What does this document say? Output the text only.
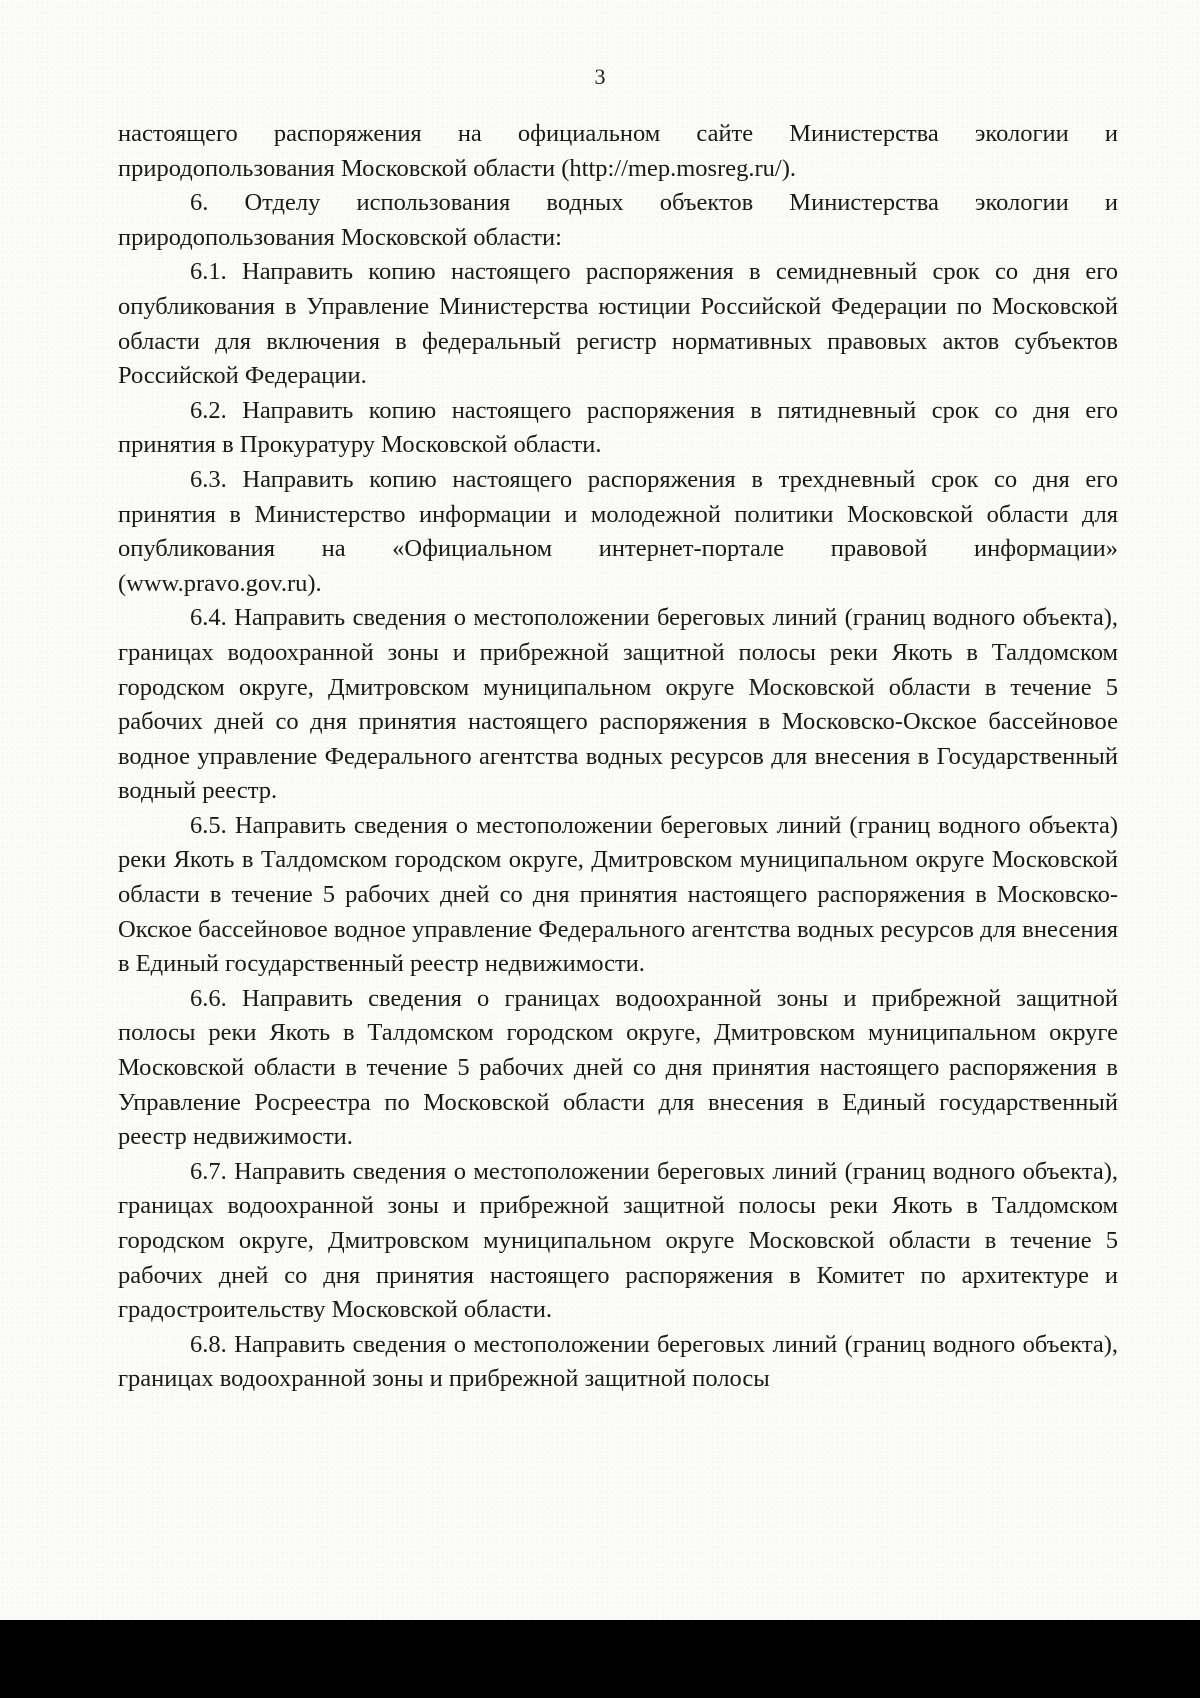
3

настоящего распоряжения на официальном сайте Министерства экологии и природопользования Московской области (http://mep.mosreg.ru/).

6. Отделу использования водных объектов Министерства экологии и природопользования Московской области:

6.1. Направить копию настоящего распоряжения в семидневный срок со дня его опубликования в Управление Министерства юстиции Российской Федерации по Московской области для включения в федеральный регистр нормативных правовых актов субъектов Российской Федерации.

6.2. Направить копию настоящего распоряжения в пятидневный срок со дня его принятия в Прокуратуру Московской области.

6.3. Направить копию настоящего распоряжения в трехдневный срок со дня его принятия в Министерство информации и молодежной политики Московской области для опубликования на «Официальном интернет-портале правовой информации» (www.pravo.gov.ru).

6.4. Направить сведения о местоположении береговых линий (границ водного объекта), границах водоохранной зоны и прибрежной защитной полосы реки Якоть в Талдомском городском округе, Дмитровском муниципальном округе Московской области в течение 5 рабочих дней со дня принятия настоящего распоряжения в Московско-Окское бассейновое водное управление Федерального агентства водных ресурсов для внесения в Государственный водный реестр.

6.5. Направить сведения о местоположении береговых линий (границ водного объекта) реки Якоть в Талдомском городском округе, Дмитровском муниципальном округе Московской области в течение 5 рабочих дней со дня принятия настоящего распоряжения в Московско-Окское бассейновое водное управление Федерального агентства водных ресурсов для внесения в Единый государственный реестр недвижимости.

6.6. Направить сведения о границах водоохранной зоны и прибрежной защитной полосы реки Якоть в Талдомском городском округе, Дмитровском муниципальном округе Московской области в течение 5 рабочих дней со дня принятия настоящего распоряжения в Управление Росреестра по Московской области для внесения в Единый государственный реестр недвижимости.

6.7. Направить сведения о местоположении береговых линий (границ водного объекта), границах водоохранной зоны и прибрежной защитной полосы реки Якоть в Талдомском городском округе, Дмитровском муниципальном округе Московской области в течение 5 рабочих дней со дня принятия настоящего распоряжения в Комитет по архитектуре и градостроительству Московской области.

6.8. Направить сведения о местоположении береговых линий (границ водного объекта), границах водоохранной зоны и прибрежной защитной полосы
